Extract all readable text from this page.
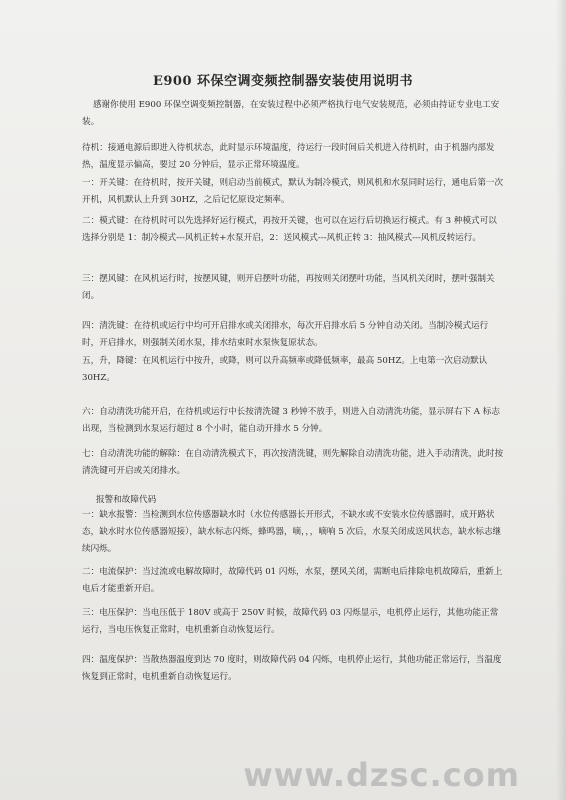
E900 环保空调变频控制器安装使用说明书
感谢你使用 E900 环保空调变频控制器，在安装过程中必须严格执行电气安装规范，必须由持证专业电工安装。
待机：接通电源后即进入待机状态，此时显示环境温度，待运行一段时间后关机进入待机时，由于机器内部发热，温度显示偏高，要过 20 分钟后，显示正常环境温度。
一：开关键：在待机时，按开关键，则启动当前模式，默认为制冷模式，则风机和水泵同时运行，通电后第一次开机，风机默认上升到 30HZ，之后记忆原设定频率。
二：模式键：在待机时可以先选择好运行模式，再按开关键，也可以在运行后切换运行模式。有 3 种模式可以选择分别是 1：制冷模式---风机正转+水泵开启，2：送风模式---风机正转 3：抽风模式---风机反转运行。
三：摆风键：在风机运行时，按摆风键，则开启摆叶功能，再按则关闭摆叶功能，当风机关闭时，摆叶强制关闭。
四：清洗键：在待机或运行中均可开启排水或关闭排水，每次开启排水后 5 分钟自动关闭。当制冷模式运行时，开启排水，则强制关闭水泵，排水结束时水泵恢复原状态。
五，升，降键：在风机运行中按升，或降，则可以升高频率或降低频率，最高 50HZ。上电第一次启动默认 30HZ。
六：自动清洗功能开启，在待机或运行中长按清洗键 3 秒钟不放手，则进入自动清洗功能，显示屏右下 A 标志出现，当检测到水泵运行超过 8 个小时，能自动开排水 5 分钟。
七：自动清洗功能的解除：在自动清洗模式下，再次按清洗键，则先解除自动清洗功能，进入手动清洗，此时按清洗键可开启或关闭排水。
报警和故障代码
一：缺水报警：当检测到水位传感器缺水时（水位传感器长开形式，不缺水或不安装水位传感器时，成开路状态，缺水时水位传感器短接），缺水标志闪烁，蜂鸣器，嘀，，，嘀响 5 次后，水泵关闭成送风状态，缺水标志继续闪烁。
二：电流保护：当过流或电解故障时，故障代码 01 闪烁，水泵，摆风关闭，需断电后排除电机故障后，重新上电后才能重新开启。
三：电压保护：当电压低于 180V 或高于 250V 时候，故障代码 03 闪烁显示，电机停止运行，其他功能正常运行，当电压恢复正常时，电机重新自动恢复运行。
四：温度保护：当散热器温度到达 70 度时，则故障代码 04 闪烁，电机停止运行，其他功能正常运行，当温度恢复到正常时，电机重新自动恢复运行。
www.dzsc.com
